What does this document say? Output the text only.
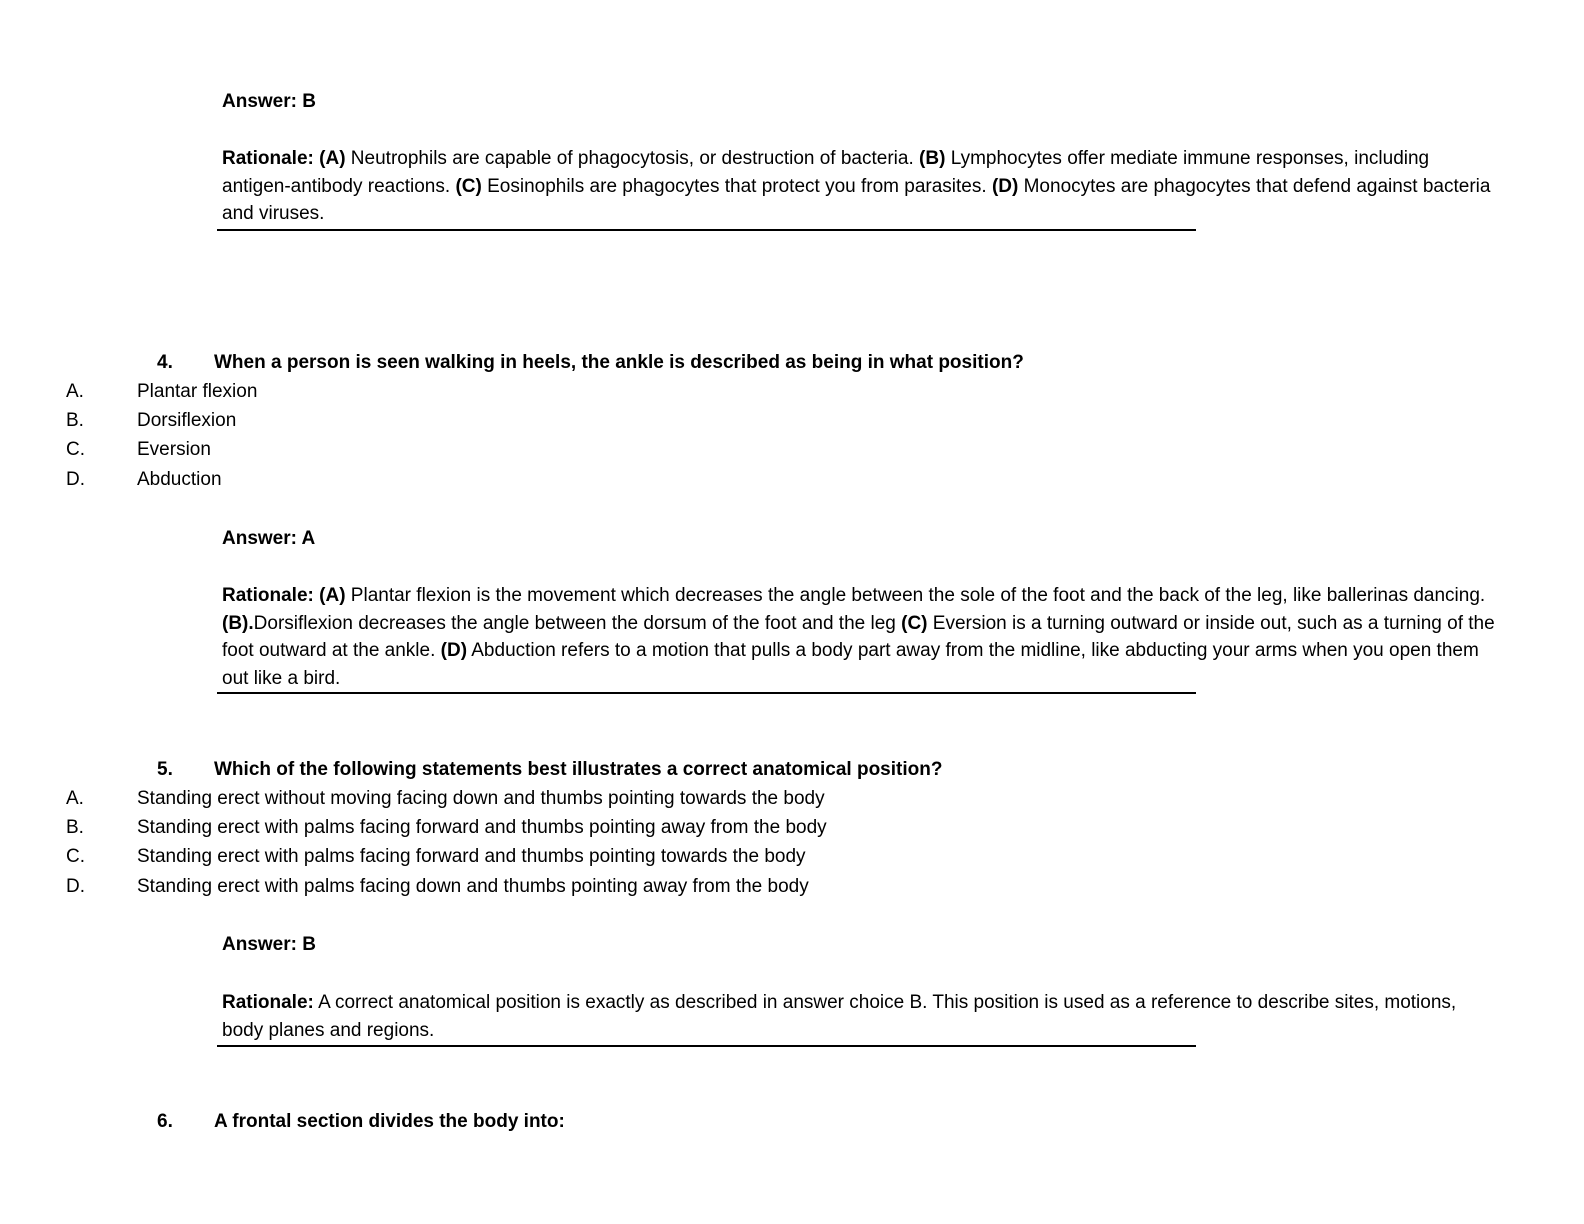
Answer: B
Rationale: (A) Neutrophils are capable of phagocytosis, or destruction of bacteria. (B) Lymphocytes offer mediate immune responses, including antigen-antibody reactions. (C) Eosinophils are phagocytes that protect you from parasites. (D) Monocytes are phagocytes that defend against bacteria and viruses.
4. When a person is seen walking in heels, the ankle is described as being in what position?
A.	Plantar flexion
B.	Dorsiflexion
C.	Eversion
D.	Abduction
Answer: A
Rationale: (A) Plantar flexion is the movement which decreases the angle between the sole of the foot and the back of the leg, like ballerinas dancing. (B).Dorsiflexion decreases the angle between the dorsum of the foot and the leg (C) Eversion is a turning outward or inside out, such as a turning of the foot outward at the ankle. (D) Abduction refers to a motion that pulls a body part away from the midline, like abducting your arms when you open them out like a bird.
5. Which of the following statements best illustrates a correct anatomical position?
A.	Standing erect without moving facing down and thumbs pointing towards the body
B.	Standing erect with palms facing forward and thumbs pointing away from the body
C.	Standing erect with palms facing forward and thumbs pointing towards the body
D.	Standing erect with palms facing down and thumbs pointing away from the body
Answer: B
Rationale: A correct anatomical position is exactly as described in answer choice B. This position is used as a reference to describe sites, motions, body planes and regions.
6. A frontal section divides the body into:
